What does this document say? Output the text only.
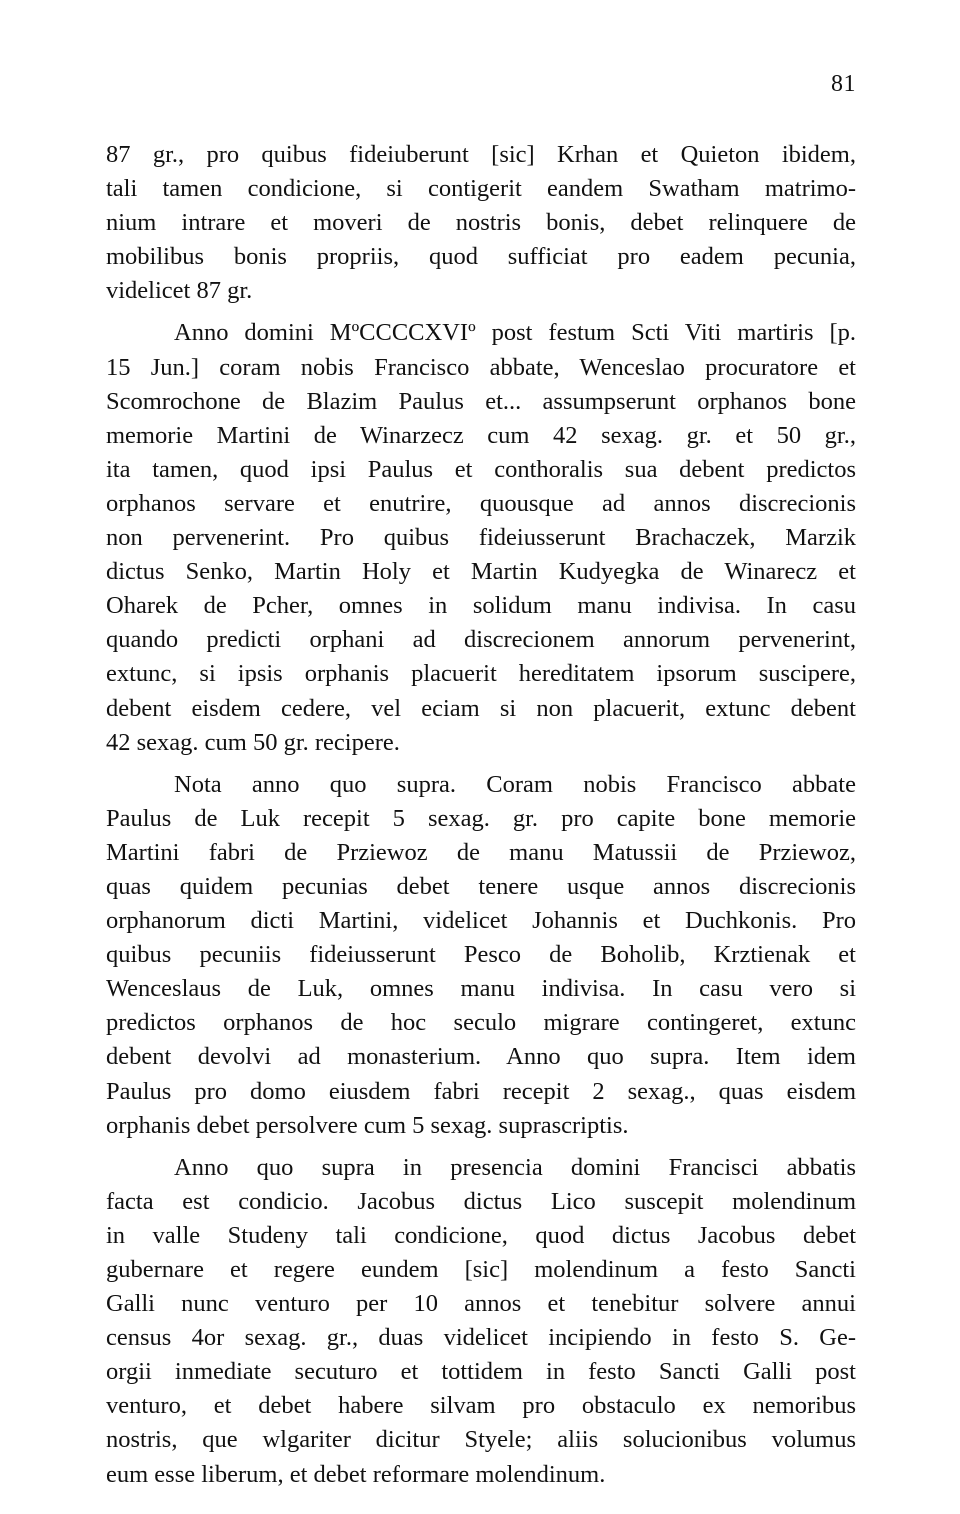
81
87 gr., pro quibus fideiuberunt [sic] Krhan et Quieton ibidem,
tali tamen condicione, si contigerit eandem Swatham matrimo-
nium intrare et moveri de nostris bonis, debet relinquere de
mobilibus bonis propriis, quod sufficiat pro eadem pecunia,
videlicet 87 gr.
Anno domini MºCCCCXVIº post festum Scti Viti martiris [p.
15 Jun.] coram nobis Francisco abbate, Wenceslao procuratore et
Scomrochone de Blazim Paulus et... assumpserunt orphanos bone
memorie Martini de Winarzecz cum 42 sexag. gr. et 50 gr.,
ita tamen, quod ipsi Paulus et conthoralis sua debent predictos
orphanos servare et enutrire, quousque ad annos discrecionis
non pervenerint. Pro quibus fideiusserunt Brachaczek, Marzik
dictus Senko, Martin Holy et Martin Kudyegka de Winarecz et
Oharek de Pcher, omnes in solidum manu indivisa. In casu
quando predicti orphani ad discrecionem annorum pervenerint,
extunc, si ipsis orphanis placuerit hereditatem ipsorum suscipere,
debent eisdem cedere, vel eciam si non placuerit, extunc debent
42 sexag. cum 50 gr. recipere.
Nota anno quo supra. Coram nobis Francisco abbate
Paulus de Luk recepit 5 sexag. gr. pro capite bone memorie
Martini fabri de Prziewoz de manu Matussii de Prziewoz,
quas quidem pecunias debet tenere usque annos discrecionis
orphanorum dicti Martini, videlicet Johannis et Duchkonis. Pro
quibus pecuniis fideiusserunt Pesco de Boholib, Krztienak et
Wenceslaus de Luk, omnes manu indivisa. In casu vero si
predictos orphanos de hoc seculo migrare contingeret, extunc
debent devolvi ad monasterium. Anno quo supra. Item idem
Paulus pro domo eiusdem fabri recepit 2 sexag., quas eisdem
orphanis debet persolvere cum 5 sexag. suprascriptis.
Anno quo supra in presencia domini Francisci abbatis
facta est condicio. Jacobus dictus Lico suscepit molendinum
in valle Studeny tali condicione, quod dictus Jacobus debet
gubernare et regere eundem [sic] molendinum a festo Sancti
Galli nunc venturo per 10 annos et tenebitur solvere annui
census 4or sexag. gr., duas videlicet incipiendo in festo S. Ge-
orgii inmediate secuturo et tottidem in festo Sancti Galli post
venturo, et debet habere silvam pro obstaculo ex nemoribus
nostris, que wlgariter dicitur Styele; aliis solucionibus volumus
eum esse liberum, et debet reformare molendinum.
